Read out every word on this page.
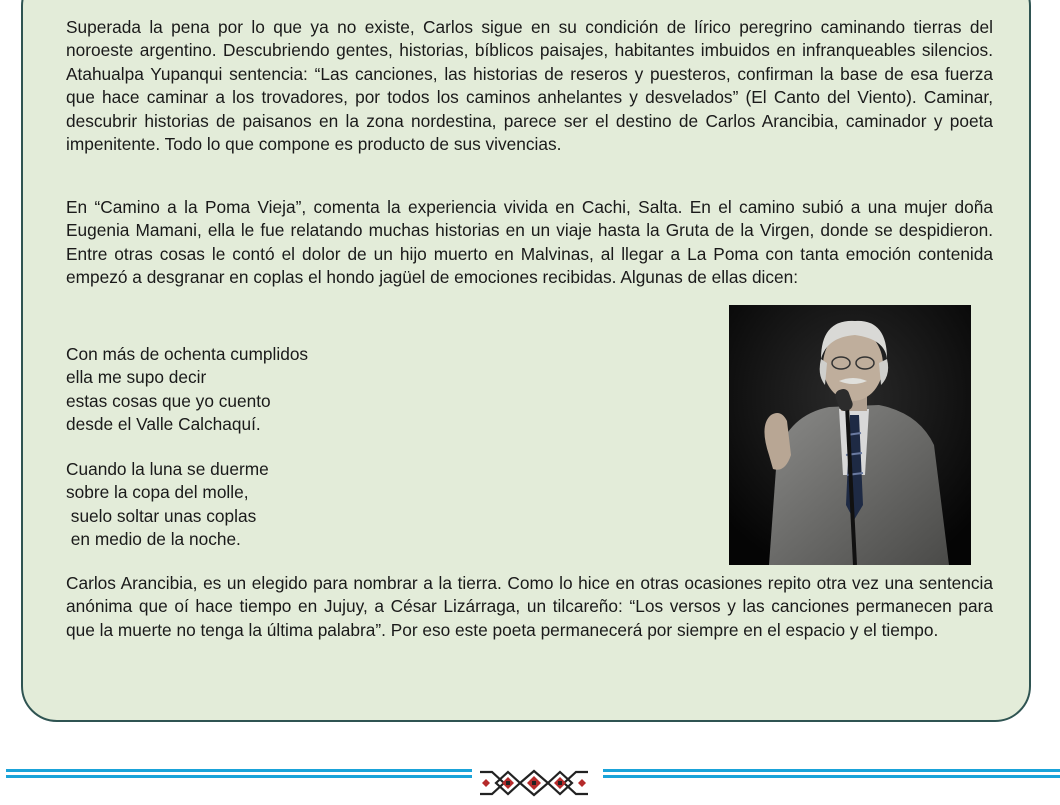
Superada la pena por lo que ya no existe, Carlos sigue en su condición de lírico peregrino caminando tierras del noroeste argentino. Descubriendo gentes, historias, bíblicos paisajes, habitantes imbuidos en infranqueables silencios. Atahualpa Yupanqui sentencia: “Las canciones, las historias de reseros y puesteros, confirman la base de esa fuerza que hace caminar a los trovadores, por todos los caminos anhelantes y desvelados” (El Canto del Viento). Caminar, descubrir historias de paisanos en la zona nordestina, parece ser el destino de Carlos Arancibia, caminador y poeta impenitente. Todo lo que compone es producto de sus vivencias.

En “Camino a la Poma Vieja”, comenta la experiencia vivida en Cachi, Salta. En el camino subió a una mujer doña Eugenia Mamani, ella le fue relatando muchas historias en un viaje hasta la Gruta de la Virgen, donde se despidieron. Entre otras cosas le contó el dolor de un hijo muerto en Malvinas, al llegar a La Poma con tanta emoción contenida empezó a desgranar en coplas el hondo jagüel de emociones recibidas. Algunas de ellas dicen:

Con más de ochenta cumplidos
ella me supo decir
estas cosas que yo cuento
desde el Valle Calchaquí.

Cuando la luna se duerme
sobre la copa del molle,
suelo soltar unas coplas
en medio de la noche.

Carlos Arancibia, es un elegido para nombrar a la tierra. Como lo hice en otras ocasiones repito otra vez una sentencia anónima que oí hace tiempo en Jujuy, a César Lizárraga, un tilcareño: “Los versos y las canciones permanecen para que la muerte no tenga la última palabra”. Por eso este poeta permanecerá por siempre en el espacio y el tiempo.
